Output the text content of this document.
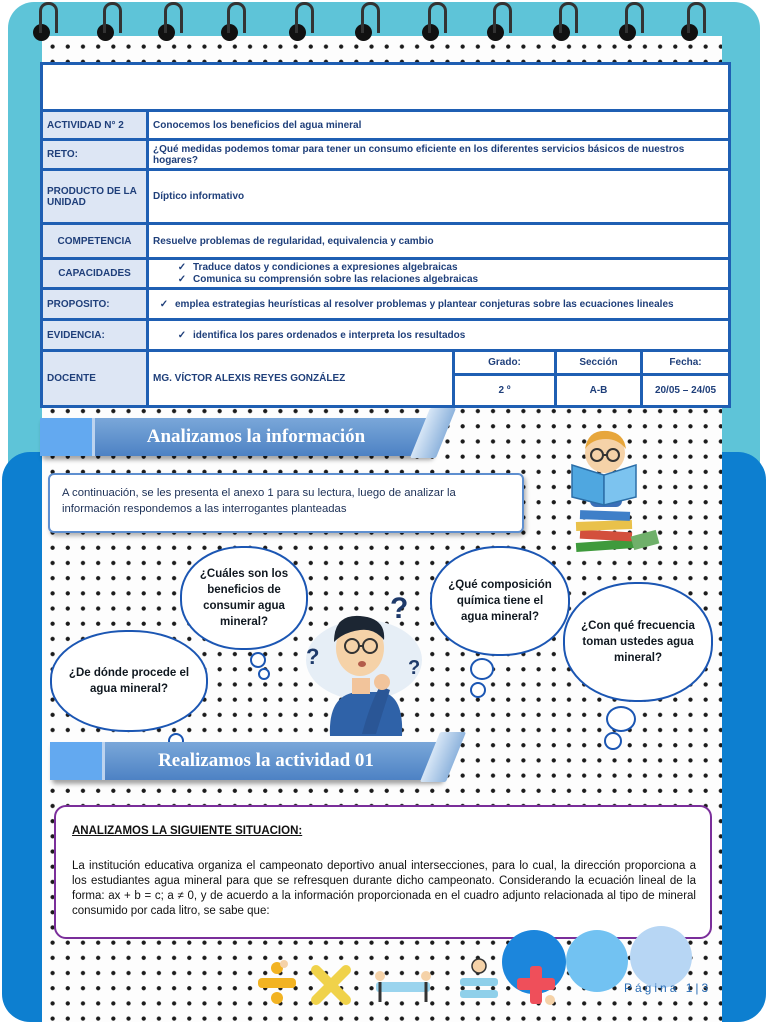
ACTIVIDAD N° 2	Conocemos los beneficios del agua mineral			
RETO:	¿Qué medidas podemos tomar para tener un consumo eficiente en los diferentes servicios básicos de nuestros hogares?			
PRODUCTO DE LA UNIDAD	Díptico informativo			
COMPETENCIA	Resuelve problemas de regularidad, equivalencia y cambio			
CAPACIDADES	✓ Traduce datos y condiciones a expresiones algebraicas
✓ Comunica su comprensión sobre las relaciones algebraicas			

PROPOSITO:	✓ emplea estrategias heurísticas al resolver problemas y plantear conjeturas sobre las ecuaciones lineales			
EVIDENCIA:	✓ identifica los pares ordenados e interpreta los resultados			
DOCENTE	MG. VÍCTOR ALEXIS REYES GONZÁLEZ	Grado:	Sección	Fecha:
		2 º	A-B	20/05 – 24/05
Analizamos la información
A continuación, se les presenta el anexo 1 para su lectura, luego de analizar la información respondemos a las interrogantes planteadas
¿Cuáles son los beneficios de consumir agua mineral?
¿De dónde procede el agua mineral?
¿Qué composición química tiene el agua mineral?
¿Con qué frecuencia toman ustedes agua mineral?
?
?	?
Realizamos la actividad 01
ANALIZAMOS LA SIGUIENTE SITUACION:
La institución educativa organiza el campeonato deportivo anual intersecciones, para lo cual, la dirección proporciona a los estudiantes agua mineral para que se refresquen durante dicho campeonato. Considerando la ecuación lineal de la forma: ax + b = c; a ≠ 0, y de acuerdo a la información proporcionada en el cuadro adjunto relacionada al tipo de mineral consumido por cada litro, se sabe que:
Página 1|3
